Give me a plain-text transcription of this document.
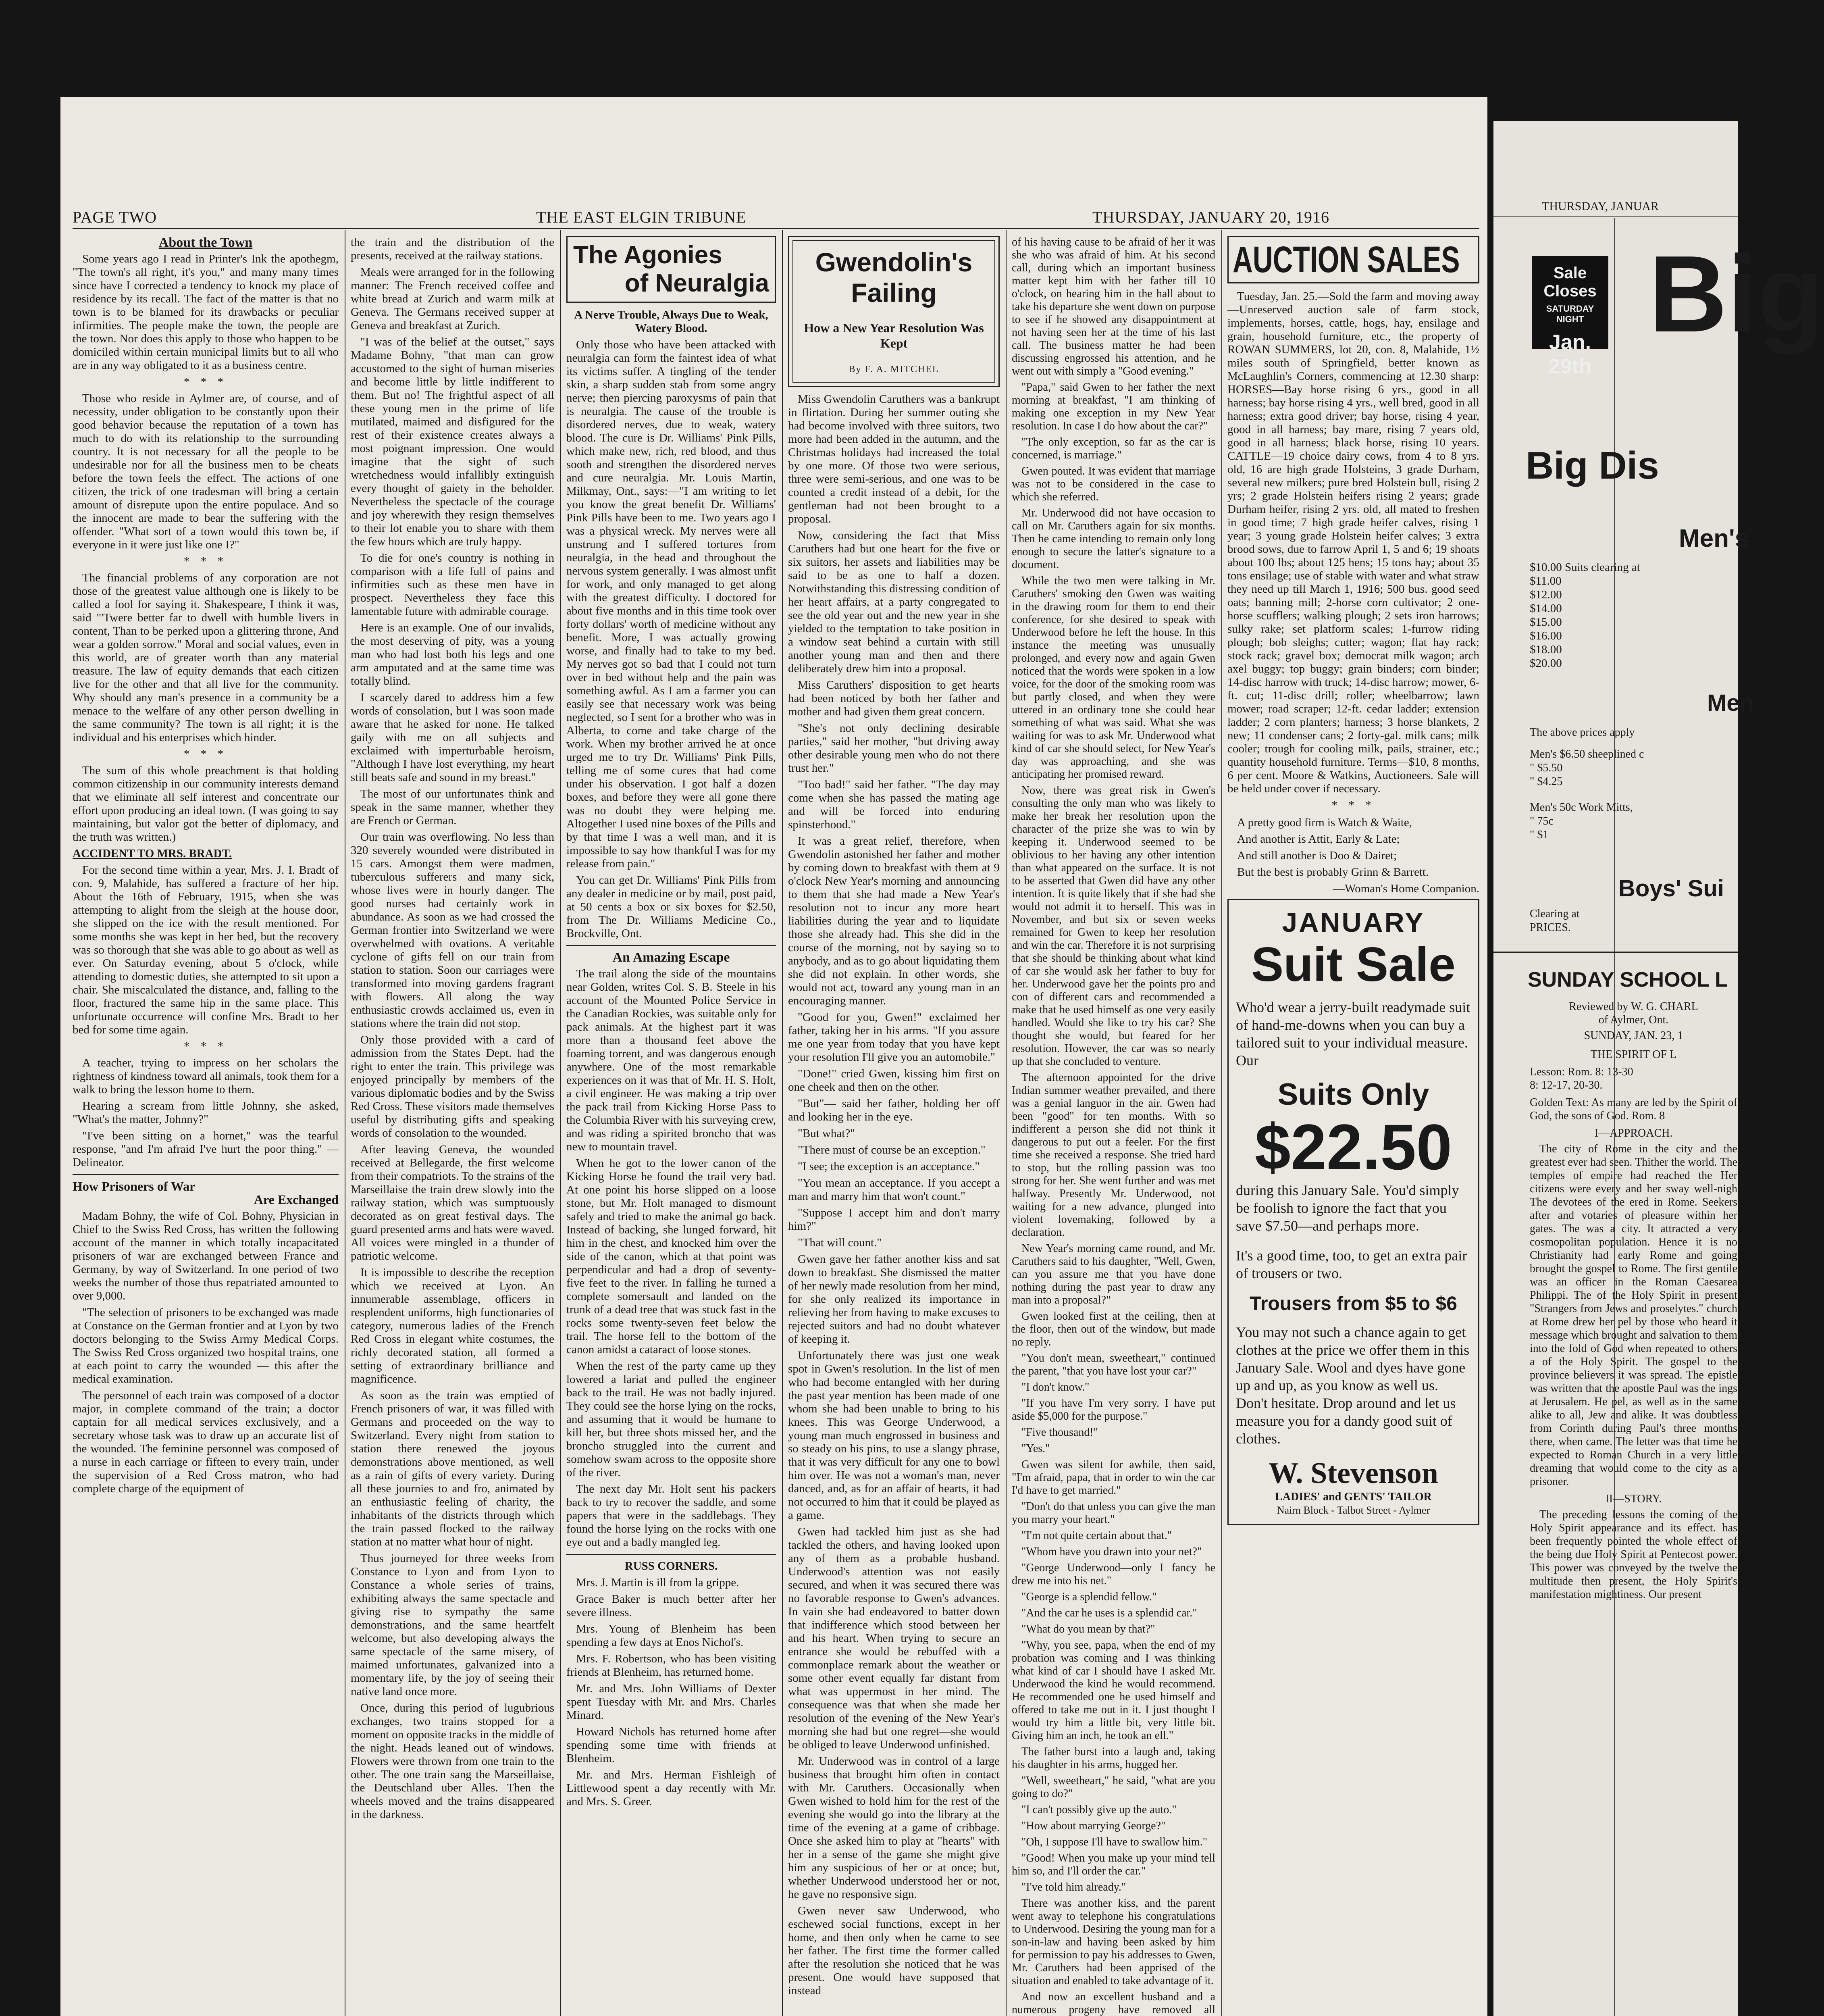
PAGE TWO	THE EAST ELGIN TRIBUNE	THURSDAY, JANUARY 20, 1916

About the Town

Some years ago I read in Printer's Ink the apothegm, "The town's all right, it's you," and many many times since have I corrected a tendency to knock my place of residence by its recall. The fact of the matter is that no town is to be blamed for its drawbacks or peculiar infirmities. The people make the town, the people are the town. Nor does this apply to those who happen to be domiciled within certain municipal limits but to all who are in any way obligated to it as a business centre.

* * *

Those who reside in Aylmer are, of course, and of necessity, under obligation to be constantly upon their good behavior because the reputation of a town has much to do with its relationship to the surrounding country. It is not necessary for all the people to be undesirable nor for all the business men to be cheats before the town feels the effect. The actions of one citizen, the trick of one tradesman will bring a certain amount of disrepute upon the entire populace. And so the innocent are made to bear the suffering with the offender. "What sort of a town would this town be, if everyone in it were just like one I?"

* * *

The financial problems of any corporation are not those of the greatest value although one is likely to be called a fool for saying it. Shakespeare, I think it was, said "'Twere better far to dwell with humble livers in content, Than to be perked upon a glittering throne, And wear a golden sorrow." Moral and social values, even in this world, are of greater worth than any material treasure. The law of equity demands that each citizen live for the other and that all live for the community. Why should any man's presence in a community be a menace to the welfare of any other person dwelling in the same community? The town is all right; it is the individual and his enterprises which hinder.

* * *

The sum of this whole preachment is that holding common citizenship in our community interests demand that we eliminate all self interest and concentrate our effort upon producing an ideal town. (I was going to say maintaining, but valor got the better of diplomacy, and the truth was written.)

ACCIDENT TO MRS. BRADT.

For the second time within a year, Mrs. J. I. Bradt of con. 9, Malahide, has suffered a fracture of her hip. About the 16th of February, 1915, when she was attempting to alight from the sleigh at the house door, she slipped on the ice with the result mentioned. For some months she was kept in her bed, but the recovery was so thorough that she was able to go about as well as ever. On Saturday evening, about 5 o'clock, while attending to domestic duties, she attempted to sit upon a chair. She miscalculated the distance, and, falling to the floor, fractured the same hip in the same place. This unfortunate occurrence will confine Mrs. Bradt to her bed for some time again.

* * *

A teacher, trying to impress on her scholars the rightness of kindness toward all animals, took them for a walk to bring the lesson home to them.

Hearing a scream from little Johnny, she asked, "What's the matter, Johnny?"

"I've been sitting on a hornet," was the tearful response, "and I'm afraid I've hurt the poor thing." —Delineator.

How Prisoners of War

Are Exchanged

Madam Bohny, the wife of Col. Bohny, Physician in Chief to the Swiss Red Cross, has written the following account of the manner in which totally incapacitated prisoners of war are exchanged between France and Germany, by way of Switzerland. In one period of two weeks the number of those thus repatriated amounted to over 9,000.

"The selection of prisoners to be exchanged was made at Constance on the German frontier and at Lyon by two doctors belonging to the Swiss Army Medical Corps. The Swiss Red Cross organized two hospital trains, one at each point to carry the wounded — this after the medical examination.

The personnel of each train was composed of a doctor major, in complete command of the train; a doctor captain for all medical services exclusively, and a secretary whose task was to draw up an accurate list of the wounded. The feminine personnel was composed of a nurse in each carriage or fifteen to every train, under the supervision of a Red Cross matron, who had complete charge of the equipment of

the train and the distribution of the presents, received at the railway stations.

Meals were arranged for in the following manner: The French received coffee and white bread at Zurich and warm milk at Geneva. The Germans received supper at Geneva and breakfast at Zurich.

"I was of the belief at the outset," says Madame Bohny, "that man can grow accustomed to the sight of human miseries and become little by little indifferent to them. But no! The frightful aspect of all these young men in the prime of life mutilated, maimed and disfigured for the rest of their existence creates always a most poignant impression. One would imagine that the sight of such wretchedness would infallibly extinguish every thought of gaiety in the beholder. Nevertheless the spectacle of the courage and joy wherewith they resign themselves to their lot enable you to share with them the few hours which are truly happy.

To die for one's country is nothing in comparison with a life full of pains and infirmities such as these men have in prospect. Nevertheless they face this lamentable future with admirable courage.

Here is an example. One of our invalids, the most deserving of pity, was a young man who had lost both his legs and one arm amputated and at the same time was totally blind.

I scarcely dared to address him a few words of consolation, but I was soon made aware that he asked for none. He talked gaily with me on all subjects and exclaimed with imperturbable heroism, "Although I have lost everything, my heart still beats safe and sound in my breast."

The most of our unfortunates think and speak in the same manner, whether they are French or German.

Our train was overflowing. No less than 320 severely wounded were distributed in 15 cars. Amongst them were madmen, tuberculous sufferers and many sick, whose lives were in hourly danger. The good nurses had certainly work in abundance. As soon as we had crossed the German frontier into Switzerland we were overwhelmed with ovations. A veritable cyclone of gifts fell on our train from station to station. Soon our carriages were transformed into moving gardens fragrant with flowers. All along the way enthusiastic crowds acclaimed us, even in stations where the train did not stop.

Only those provided with a card of admission from the States Dept. had the right to enter the train. This privilege was enjoyed principally by members of the various diplomatic bodies and by the Swiss Red Cross. These visitors made themselves useful by distributing gifts and speaking words of consolation to the wounded.

After leaving Geneva, the wounded received at Bellegarde, the first welcome from their compatriots. To the strains of the Marseillaise the train drew slowly into the railway station, which was sumptuously decorated as on great festival days. The guard presented arms and hats were waved. All voices were mingled in a thunder of patriotic welcome.

It is impossible to describe the reception which we received at Lyon. An innumerable assemblage, officers in resplendent uniforms, high functionaries of category, numerous ladies of the French Red Cross in elegant white costumes, the richly decorated station, all formed a setting of extraordinary brilliance and magnificence.

As soon as the train was emptied of French prisoners of war, it was filled with Germans and proceeded on the way to Switzerland. Every night from station to station there renewed the joyous demonstrations above mentioned, as well as a rain of gifts of every variety. During all these journies to and fro, animated by an enthusiastic feeling of charity, the inhabitants of the districts through which the train passed flocked to the railway station at no matter what hour of night.

Thus journeyed for three weeks from Constance to Lyon and from Lyon to Constance a whole series of trains, exhibiting always the same spectacle and giving rise to sympathy the same demonstrations, and the same heartfelt welcome, but also developing always the same spectacle of the same misery, of maimed unfortunates, galvanized into a momentary life, by the joy of seeing their native land once more.

Once, during this period of lugubrious exchanges, two trains stopped for a moment on opposite tracks in the middle of the night. Heads leaned out of windows. Flowers were thrown from one train to the other. The one train sang the Marseillaise, the Deutschland uber Alles. Then the wheels moved and the trains disappeared in the darkness.

The Agonies
of Neuralgia

A Nerve Trouble, Always Due to Weak, Watery Blood.

Only those who have been attacked with neuralgia can form the faintest idea of what its victims suffer. A tingling of the tender skin, a sharp sudden stab from some angry nerve; then piercing paroxysms of pain that is neuralgia. The cause of the trouble is disordered nerves, due to weak, watery blood. The cure is Dr. Williams' Pink Pills, which make new, rich, red blood, and thus sooth and strengthen the disordered nerves and cure neuralgia. Mr. Louis Martin, Milkmay, Ont., says:—"I am writing to let you know the great benefit Dr. Williams' Pink Pills have been to me. Two years ago I was a physical wreck. My nerves were all unstrung and I suffered tortures from neuralgia, in the head and throughout the nervous system generally. I was almost unfit for work, and only managed to get along with the greatest difficulty. I doctored for about five months and in this time took over forty dollars' worth of medicine without any benefit. More, I was actually growing worse, and finally had to take to my bed. My nerves got so bad that I could not turn over in bed without help and the pain was something awful. As I am a farmer you can easily see that necessary work was being neglected, so I sent for a brother who was in Alberta, to come and take charge of the work. When my brother arrived he at once urged me to try Dr. Williams' Pink Pills, telling me of some cures that had come under his observation. I got half a dozen boxes, and before they were all gone there was no doubt they were helping me. Altogether I used nine boxes of the Pills and by that time I was a well man, and it is impossible to say how thankful I was for my release from pain."

You can get Dr. Williams' Pink Pills from any dealer in medicine or by mail, post paid, at 50 cents a box or six boxes for $2.50, from The Dr. Williams Medicine Co., Brockville, Ont.

An Amazing Escape

The trail along the side of the mountains near Golden, writes Col. S. B. Steele in his account of the Mounted Police Service in the Canadian Rockies, was suitable only for pack animals. At the highest part it was more than a thousand feet above the foaming torrent, and was dangerous enough anywhere. One of the most remarkable experiences on it was that of Mr. H. S. Holt, a civil engineer. He was making a trip over the pack trail from Kicking Horse Pass to the Columbia River with his surveying crew, and was riding a spirited broncho that was new to mountain travel.

When he got to the lower canon of the Kicking Horse he found the trail very bad. At one point his horse slipped on a loose stone, but Mr. Holt managed to dismount safely and tried to make the animal go back. Instead of backing, she lunged forward, hit him in the chest, and knocked him over the side of the canon, which at that point was perpendicular and had a drop of seventy-five feet to the river. In falling he turned a complete somersault and landed on the trunk of a dead tree that was stuck fast in the rocks some twenty-seven feet below the trail. The horse fell to the bottom of the canon amidst a cataract of loose stones.

When the rest of the party came up they lowered a lariat and pulled the engineer back to the trail. He was not badly injured. They could see the horse lying on the rocks, and assuming that it would be humane to kill her, but three shots missed her, and the broncho struggled into the current and somehow swam across to the opposite shore of the river.

The next day Mr. Holt sent his packers back to try to recover the saddle, and some papers that were in the saddlebags. They found the horse lying on the rocks with one eye out and a badly mangled leg.

RUSS CORNERS.

Mrs. J. Martin is ill from la grippe.

Grace Baker is much better after her severe illness.

Mrs. Young of Blenheim has been spending a few days at Enos Nichol's.

Mrs. F. Robertson, who has been visiting friends at Blenheim, has returned home.

Mr. and Mrs. John Williams of Dexter spent Tuesday with Mr. and Mrs. Charles Minard.

Howard Nichols has returned home after spending some time with friends at Blenheim.

Mr. and Mrs. Herman Fishleigh of Littlewood spent a day recently with Mr. and Mrs. S. Greer.

Gwendolin's
Failing
How a New Year Resolution Was Kept
By F. A. MITCHEL

Miss Gwendolin Caruthers was a bankrupt in flirtation. During her summer outing she had become involved with three suitors, two more had been added in the autumn, and the Christmas holidays had increased the total by one more. Of those two were serious, three were semi-serious, and one was to be counted a credit instead of a debit, for the gentleman had not been brought to a proposal.

Now, considering the fact that Miss Caruthers had but one heart for the five or six suitors, her assets and liabilities may be said to be as one to half a dozen. Notwithstanding this distressing condition of her heart affairs, at a party congregated to see the old year out and the new year in she yielded to the temptation to take position in a window seat behind a curtain with still another young man and then and there deliberately drew him into a proposal.

Miss Caruthers' disposition to get hearts had been noticed by both her father and mother and had given them great concern.

"She's not only declining desirable parties," said her mother, "but driving away other desirable young men who do not there trust her."

"Too bad!" said her father. "The day may come when she has passed the mating age and will be forced into enduring spinsterhood."

It was a great relief, therefore, when Gwendolin astonished her father and mother by coming down to breakfast with them at 9 o'clock New Year's morning and announcing to them that she had made a New Year's resolution not to incur any more heart liabilities during the year and to liquidate those she already had. This she did in the course of the morning, not by saying so to anybody, and as to go about liquidating them she did not explain. In other words, she would not act, toward any young man in an encouraging manner.

"Good for you, Gwen!" exclaimed her father, taking her in his arms. "If you assure me one year from today that you have kept your resolution I'll give you an automobile."

"Done!" cried Gwen, kissing him first on one cheek and then on the other.

"But"— said her father, holding her off and looking her in the eye.

"But what?"

"There must of course be an exception."

"I see; the exception is an acceptance."

"You mean an acceptance. If you accept a man and marry him that won't count."

"Suppose I accept him and don't marry him?"

"That will count."

Gwen gave her father another kiss and sat down to breakfast. She dismissed the matter of her newly made resolution from her mind, for she only realized its importance in relieving her from having to make excuses to rejected suitors and had no doubt whatever of keeping it.

Unfortunately there was just one weak spot in Gwen's resolution. In the list of men who had become entangled with her during the past year mention has been made of one whom she had been unable to bring to his knees. This was George Underwood, a young man much engrossed in business and so steady on his pins, to use a slangy phrase, that it was very difficult for any one to bowl him over. He was not a woman's man, never danced, and, as for an affair of hearts, it had not occurred to him that it could be played as a game.

Gwen had tackled him just as she had tackled the others, and having looked upon any of them as a probable husband. Underwood's attention was not easily secured, and when it was secured there was no favorable response to Gwen's advances. In vain she had endeavored to batter down that indifference which stood between her and his heart. When trying to secure an entrance she would be rebuffed with a commonplace remark about the weather or some other event equally far distant from what was uppermost in her mind. The consequence was that when she made her resolution of the evening of the New Year's morning she had but one regret—she would be obliged to leave Underwood unfinished.

Mr. Underwood was in control of a large business that brought him often in contact with Mr. Caruthers. Occasionally when Gwen wished to hold him for the rest of the evening she would go into the library at the time of the evening at a game of cribbage. Once she asked him to play at "hearts" with her in a sense of the game she might give him any suspicious of her or at once; but, whether Underwood understood her or not, he gave no responsive sign.

Gwen never saw Underwood, who eschewed social functions, except in her home, and then only when he came to see her father. The first time the former called after the resolution she noticed that he was present. One would have supposed that instead

of his having cause to be afraid of her it was she who was afraid of him. At his second call, during which an important business matter kept him with her father till 10 o'clock, on hearing him in the hall about to take his departure she went down on purpose to see if he showed any disappointment at not having seen her at the time of his last call. The business matter he had been discussing engrossed his attention, and he went out with simply a "Good evening."

"Papa," said Gwen to her father the next morning at breakfast, "I am thinking of making one exception in my New Year resolution. In case I do how about the car?"

"The only exception, so far as the car is concerned, is marriage."

Gwen pouted. It was evident that marriage was not to be considered in the case to which she referred.

Mr. Underwood did not have occasion to call on Mr. Caruthers again for six months. Then he came intending to remain only long enough to secure the latter's signature to a document.

While the two men were talking in Mr. Caruthers' smoking den Gwen was waiting in the drawing room for them to end their conference, for she desired to speak with Underwood before he left the house. In this instance the meeting was unusually prolonged, and every now and again Gwen noticed that the words were spoken in a low voice, for the door of the smoking room was but partly closed, and when they were uttered in an ordinary tone she could hear something of what was said. What she was waiting for was to ask Mr. Underwood what kind of car she should select, for New Year's day was approaching, and she was anticipating her promised reward.

Now, there was great risk in Gwen's consulting the only man who was likely to make her break her resolution upon the character of the prize she was to win by keeping it. Underwood seemed to be oblivious to her having any other intention than what appeared on the surface. It is not to be asserted that Gwen did have any other intention. It is quite likely that if she had she would not admit it to herself. This was in November, and but six or seven weeks remained for Gwen to keep her resolution and win the car. Therefore it is not surprising that she should be thinking about what kind of car she would ask her father to buy for her. Underwood gave her the points pro and con of different cars and recommended a make that he used himself as one very easily handled. Would she like to try his car? She thought she would, but feared for her resolution. However, the car was so nearly up that she concluded to venture.

The afternoon appointed for the drive Indian summer weather prevailed, and there was a genial languor in the air. Gwen had been "good" for ten months. With so indifferent a person she did not think it dangerous to put out a feeler. For the first time she received a response. She tried hard to stop, but the rolling passion was too strong for her. She went further and was met halfway. Presently Mr. Underwood, not waiting for a new advance, plunged into violent lovemaking, followed by a declaration.

New Year's morning came round, and Mr. Caruthers said to his daughter, "Well, Gwen, can you assure me that you have done nothing during the past year to draw any man into a proposal?"

Gwen looked first at the ceiling, then at the floor, then out of the window, but made no reply.

"You don't mean, sweetheart," continued the parent, "that you have lost your car?"

"I don't know."

"If you have I'm very sorry. I have put aside $5,000 for the purpose."

"Five thousand!"

"Yes."

Gwen was silent for awhile, then said, "I'm afraid, papa, that in order to win the car I'd have to get married."

"Don't do that unless you can give the man you marry your heart."

"I'm not quite certain about that."

"Whom have you drawn into your net?"

"George Underwood—only I fancy he drew me into his net."

"George is a splendid fellow."

"And the car he uses is a splendid car."

"What do you mean by that?"

"Why, you see, papa, when the end of my probation was coming and I was thinking what kind of car I should have I asked Mr. Underwood the kind he would recommend. He recommended one he used himself and offered to take me out in it. I just thought I would try him a little bit, very little bit. Giving him an inch, he took an ell."

The father burst into a laugh and, taking his daughter in his arms, hugged her.

"Well, sweetheart," he said, "what are you going to do?"

"I can't possibly give up the auto."

"How about marrying George?"

"Oh, I suppose I'll have to swallow him."

"Good! When you make up your mind tell him so, and I'll order the car."

"I've told him already."

There was another kiss, and the parent went away to telephone his congratulations to Underwood. Desiring the young man for a son-in-law and having been asked by him for permission to pay his addresses to Gwen, Mr. Caruthers had been apprised of the situation and enabled to take advantage of it.

And now an excellent husband and a numerous progeny have removed all

AUCTION SALES

Tuesday, Jan. 25.—Sold the farm and moving away—Unreserved auction sale of farm stock, implements, horses, cattle, hogs, hay, ensilage and grain, household furniture, etc., the property of ROWAN SUMMERS, lot 20, con. 8, Malahide, 1½ miles south of Springfield, better known as McLaughlin's Corners, commencing at 12.30 sharp: HORSES—Bay horse rising 6 yrs., good in all harness; bay horse rising 4 yrs., well bred, good in all harness; extra good driver; bay horse, rising 4 year, good in all harness; bay mare, rising 7 years old, good in all harness; black horse, rising 10 years. CATTLE—19 choice dairy cows, from 4 to 8 yrs. old, 16 are high grade Holsteins, 3 grade Durham, several new milkers; pure bred Holstein bull, rising 2 yrs; 2 grade Holstein heifers rising 2 years; grade Durham heifer, rising 2 yrs. old, all mated to freshen in good time; 7 high grade heifer calves, rising 1 year; 3 young grade Holstein heifer calves; 3 extra brood sows, due to farrow April 1, 5 and 6; 19 shoats about 100 lbs; about 125 hens; 15 tons hay; about 35 tons ensilage; use of stable with water and what straw they need up till March 1, 1916; 500 bus. good seed oats; banning mill; 2-horse corn cultivator; 2 one-horse scufflers; walking plough; 2 sets iron harrows; sulky rake; set platform scales; 1-furrow riding plough; bob sleighs; cutter; wagon; flat hay rack; stock rack; gravel box; democrat milk wagon; arch axel buggy; top buggy; grain binders; corn binder; 14-disc harrow with truck; 14-disc harrow; mower, 6-ft. cut; 11-disc drill; roller; wheelbarrow; lawn mower; road scraper; 12-ft. cedar ladder; extension ladder; 2 corn planters; harness; 3 horse blankets, 2 new; 11 condenser cans; 2 forty-gal. milk cans; milk cooler; trough for cooling milk, pails, strainer, etc.; quantity household furniture. Terms—$10, 8 months, 6 per cent. Moore & Watkins, Auctioneers. Sale will be held under cover if necessary.

* * *

A pretty good firm is Watch & Waite,

And another is Attit, Early & Late;

And still another is Doo & Dairet;

But the best is probably Grinn & Barrett.

—Woman's Home Companion.

JANUARY
Suit Sale
Who'd wear a jerry-built readymade suit of hand-me-downs when you can buy a tailored suit to your individual measure. Our
Suits Only
$22.50
during this January Sale. You'd simply be foolish to ignore the fact that you save $7.50—and perhaps more.
It's a good time, too, to get an extra pair of trousers or two.
Trousers from $5 to $6
You may not such a chance again to get clothes at the price we offer them in this January Sale. Wool and dyes have gone up and up, as you know as well us. Don't hesitate. Drop around and let us measure you for a dandy good suit of clothes.
W. Stevenson
LADIES' and GENTS' TAILOR
Nairn Block - Talbot Street - Aylmer
THURSDAY, JANUAR
Sale Closes
SATURDAY NIGHT
Jan. 29th
Big
Big Dis
Men's
$10.00 Suits clearing at
$11.00
$12.00
$14.00
$15.00
$16.00
$18.00
$20.00
Men
The above prices apply
Men's $6.50 sheeplined c
" $5.50
" $4.25
Men's 50c Work Mitts,
" 75c
" $1
Boys' Sui
Clearing at
PRICES.
SUNDAY SCHOOL L
Reviewed by W. G. CHARL
of Aylmer, Ont.
SUNDAY, JAN. 23, 1
THE SPIRIT OF L
Lesson: Rom. 8: 13-30
8: 12-17, 20-30.
Golden Text: As many are led by the Spirit of God, the sons of God. Rom. 8
I—APPROACH.
The city of Rome in the city and the greatest ever had seen. Thither the world. The temples of empire had reached the Her citizens were every and her sway well-nigh The devotees of the ered in Rome. Seekers after and votaries of pleasure within her gates. The was a city. It attracted a very cosmopolitan population. Hence it is no Christianity had early Rome and going brought the gospel to Rome. The first gentile was an officer in the Roman Caesarea Philippi. The of the Holy Spirit in present "Strangers from Jews and proselytes." church at Rome drew her pel by those who heard it message which brought and salvation to them into the fold of God when repeated to others a of the Holy Spirit. The gospel to the province believers it was spread. The epistle was written that the apostle Paul was the ings at Jerusalem. He pel, as well as in the same alike to all, Jew and alike. It was doubtless from Corinth during Paul's three months there, when came. The letter was that time he expected to Roman Church in a very little dreaming that would come to the city as a prisoner.
II—STORY.
The preceding lessons the coming of the Holy Spirit appearance and its effect. has been frequently pointed the whole effect of the being due Holy Spirit at Pentecost power. This power was conveyed by the twelve the multitude then present, the Holy Spirit's manifestation mightiness. Our present
